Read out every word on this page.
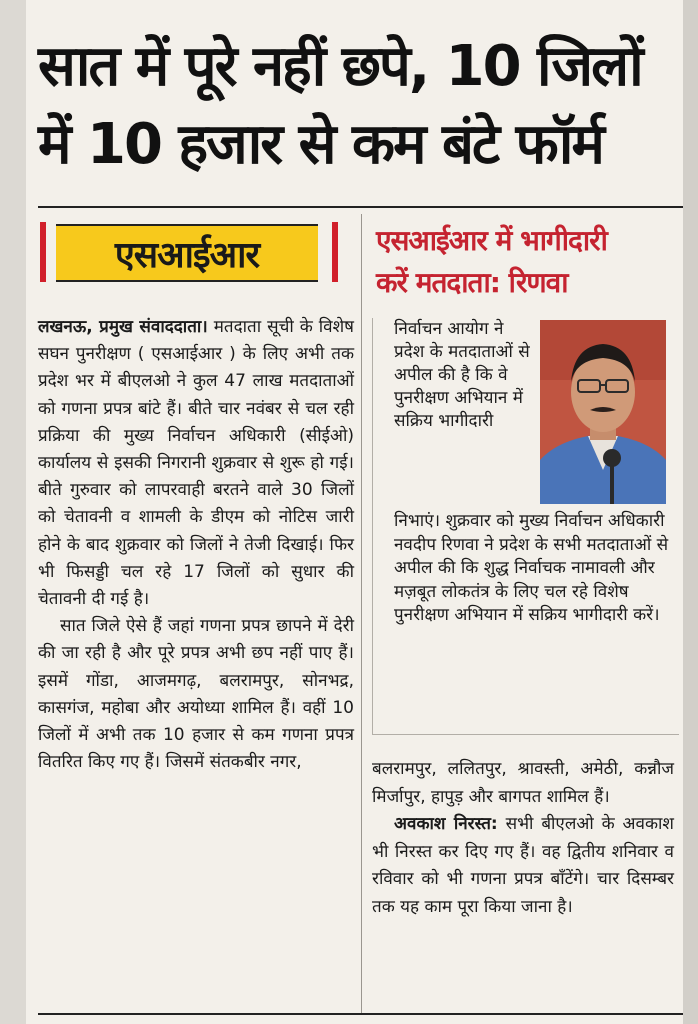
सात में पूरे नहीं छपे, 10 जिलों
में 10 हजार से कम बंटे फॉर्म
एसआईआर

लखनऊ, प्रमुख संवाददाता। मतदाता सूची के विशेष सघन पुनरीक्षण ( एसआईआर ) के लिए अभी तक प्रदेश भर में बीएलओ ने कुल 47 लाख मतदाताओं को गणना प्रपत्र बांटे हैं। बीते चार नवंबर से चल रही प्रक्रिया की मुख्य निर्वाचन अधिकारी (सीईओ) कार्यालय से इसकी निगरानी शुक्रवार से शुरू हो गई। बीते गुरुवार को लापरवाही बरतने वाले 30 जिलों को चेतावनी व शामली के डीएम को नोटिस जारी होने के बाद शुक्रवार को जिलों ने तेजी दिखाई। फिर भी फिसड्डी चल रहे 17 जिलों को सुधार की चेतावनी दी गई है।

सात जिले ऐसे हैं जहां गणना प्रपत्र छापने में देरी की जा रही है और पूरे प्रपत्र अभी छप नहीं पाए हैं। इसमें गोंडा, आजमगढ़, बलरामपुर, सोनभद्र, कासगंज, महोबा और अयोध्या शामिल हैं। वहीं 10 जिलों में अभी तक 10 हजार से कम गणना प्रपत्र वितरित किए गए हैं। जिसमें संतकबीर नगर,

एसआईआर में भागीदारी
करें मतदाता: रिणवा
निर्वाचन आयोग ने प्रदेश के मतदाताओं से अपील की है कि वे पुनरीक्षण अभियान में सक्रिय भागीदारी
निभाएं। शुक्रवार को मुख्य निर्वाचन अधिकारी नवदीप रिणवा ने प्रदेश के सभी मतदाताओं से अपील की कि शुद्ध निर्वाचक नामावली और मज़बूत लोकतंत्र के लिए चल रहे विशेष पुनरीक्षण अभियान में सक्रिय भागीदारी करें।

बलरामपुर, ललितपुर, श्रावस्ती, अमेठी, कन्नौज मिर्जापुर, हापुड़ और बागपत शामिल हैं।

अवकाश निरस्त: सभी बीएलओ के अवकाश भी निरस्त कर दिए गए हैं। वह द्वितीय शनिवार व रविवार को भी गणना प्रपत्र बाँटेंगे। चार दिसम्बर तक यह काम पूरा किया जाना है।
